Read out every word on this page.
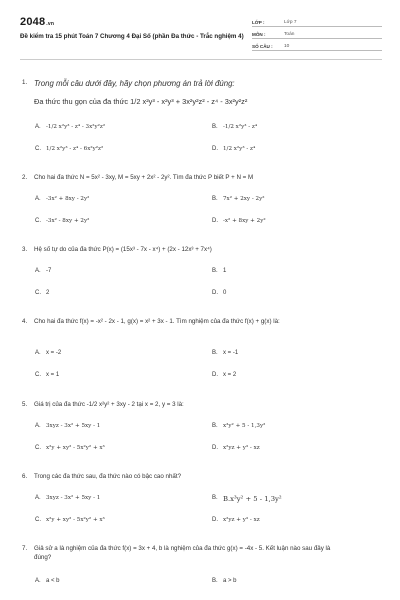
2048.vn
Đề kiểm tra 15 phút Toán 7 Chương 4 Đại Số (phần Đa thức - Trắc nghiệm 4)
LỚP :	Lớp 7
MÔN :	Toán
SỐ CÂU :	10
1. Trong mỗi câu dưới đây, hãy chọn phương án trả lời đúng:
Đa thức thu gọn của đa thức 1/2 x²y³ - x²y³ + 3x²y²z² - z⁴ - 3x²y²z²
A. -1/2 x²y³ - z⁴ - 3x²y²z²	B. -1/2 x²y³ - z⁴
C. 1/2 x²y³ - z⁴ - 6x²y²z²	D. 1/2 x²y³ - z⁴
2. Cho hai đa thức N = 5x² - 3xy, M = 5xy + 2x² - 2y². Tìm đa thức P biết P + N = M
A. -3x² + 8xy - 2y²	B. 7x² + 2xy - 2y²
C. -3x² - 8xy + 2y²	D. -x² + 8xy + 2y²
3. Hệ số tự do của đa thức P(x) = (15x³ - 7x - x⁴) + (2x - 12x³ + 7x⁴)
A. -7	B. 1
C. 2	D. 0
4. Cho hai đa thức f(x) = -x² - 2x - 1, g(x) = x² + 3x - 1. Tìm nghiệm của đa thức f(x) + g(x) là:
A. x = -2	B. x = -1
C. x = 1	D. x = 2
5. Giá trị của đa thức -1/2 x²y² + 3xy - 2 tại x = 2, y = 3 là:
A. 3xyz - 3x² + 5xy - 1	B. x³y² + 5 - 1,3y²
C. x²y + xy² - 5x²y² + x³	D. x²yz + y³ - xz
6. Trong các đa thức sau, đa thức nào có bậc cao nhất?
A. 3xyz - 3x² + 5xy - 1	B. B.x³y² + 5 - 1,3y²
C. x²y + xy² - 5x²y² + x³	D. x²yz + y³ - xz
7. Giả sử a là nghiệm của đa thức f(x) = 3x + 4, b là nghiệm của đa thức g(x) = -4x - 5. Kết luận nào sau đây là đúng?
A. a < b	B. a > b
